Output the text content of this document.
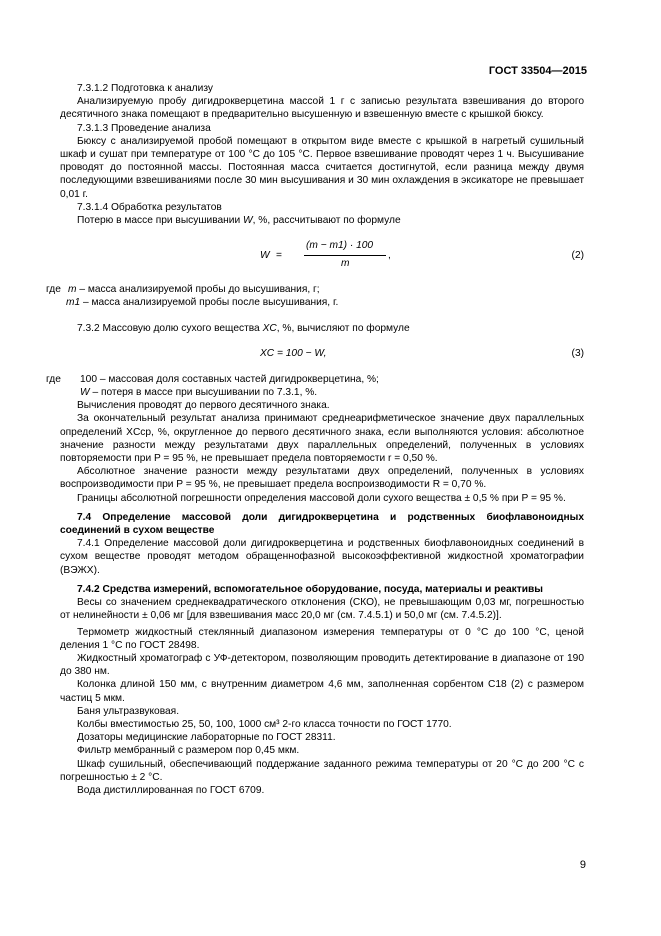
ГОСТ 33504—2015

7.3.1.2 Подготовка к анализу

Анализируемую пробу дигидрокверцетина массой 1 г с записью результата взвешивания до второго десятичного знака помещают в предварительно высушенную и взвешенную вместе с крышкой бюксу.

7.3.1.3 Проведение анализа

Бюксу с анализируемой пробой помещают в открытом виде вместе с крышкой в нагретый сушильный шкаф и сушат при температуре от 100 °С до 105 °С. Первое взвешивание проводят через 1 ч. Высушивание проводят до постоянной массы. Постоянная масса считается достигнутой, если разница между двумя последующими взвешиваниями после 30 мин высушивания и 30 мин охлаждения в эксикаторе не превышает 0,01 г.

7.3.1.4 Обработка результатов

Потерю в массе при высушивании W, %, рассчитывают по формуле

W =
(m − m1) · 100
m
,	(2)
где m – масса анализируемой пробы до высушивания, г;
m1 – масса анализируемой пробы после высушивания, г.

7.3.2 Массовую долю сухого вещества XC, %, вычисляют по формуле

XC = 100 − W,	(3)
где	100 – массовая доля составных частей дигидрокверцетина, %;
W – потеря в массе при высушивании по 7.3.1, %.

Вычисления проводят до первого десятичного знака.

За окончательный результат анализа принимают среднеарифметическое значение двух параллельных определений XСср, %, округленное до первого десятичного знака, если выполняются условия: абсолютное значение разности между результатами двух параллельных определений, полученных в условиях повторяемости при P = 95 %, не превышает предела повторяемости r = 0,50 %.

Абсолютное значение разности между результатами двух определений, полученных в условиях воспроизводимости при P = 95 %, не превышает предела воспроизводимости R = 0,70 %.

Границы абсолютной погрешности определения массовой доли сухого вещества ± 0,5 % при P = 95 %.

7.4 Определение массовой доли дигидрокверцетина и родственных биофлавоноидных соединений в сухом веществе

7.4.1 Определение массовой доли дигидрокверцетина и родственных биофлавоноидных соединений в сухом веществе проводят методом обращеннофазной высокоэффективной жидкостной хроматографии (ВЭЖХ).

7.4.2 Средства измерений, вспомогательное оборудование, посуда, материалы и реактивы

Весы со значением среднеквадратического отклонения (СКО), не превышающим 0,03 мг, погрешностью от нелинейности ± 0,06 мг [для взвешивания масс 20,0 мг (см. 7.4.5.1) и 50,0 мг (см. 7.4.5.2)].

Термометр жидкостный стеклянный диапазоном измерения температуры от 0 °С до 100 °С, ценой деления 1 °С по ГОСТ 28498.

Жидкостный хроматограф с УФ-детектором, позволяющим проводить детектирование в диапазоне от 190 до 380 нм.

Колонка длиной 150 мм, с внутренним диаметром 4,6 мм, заполненная сорбентом С18 (2) с размером частиц 5 мкм.

Баня ультразвуковая.

Колбы вместимостью 25, 50, 100, 1000 см³ 2-го класса точности по ГОСТ 1770.

Дозаторы медицинские лабораторные по ГОСТ 28311.

Фильтр мембранный с размером пор 0,45 мкм.

Шкаф сушильный, обеспечивающий поддержание заданного режима температуры от 20 °С до 200 °С с погрешностью ± 2 °С.

Вода дистиллированная по ГОСТ 6709.

9
